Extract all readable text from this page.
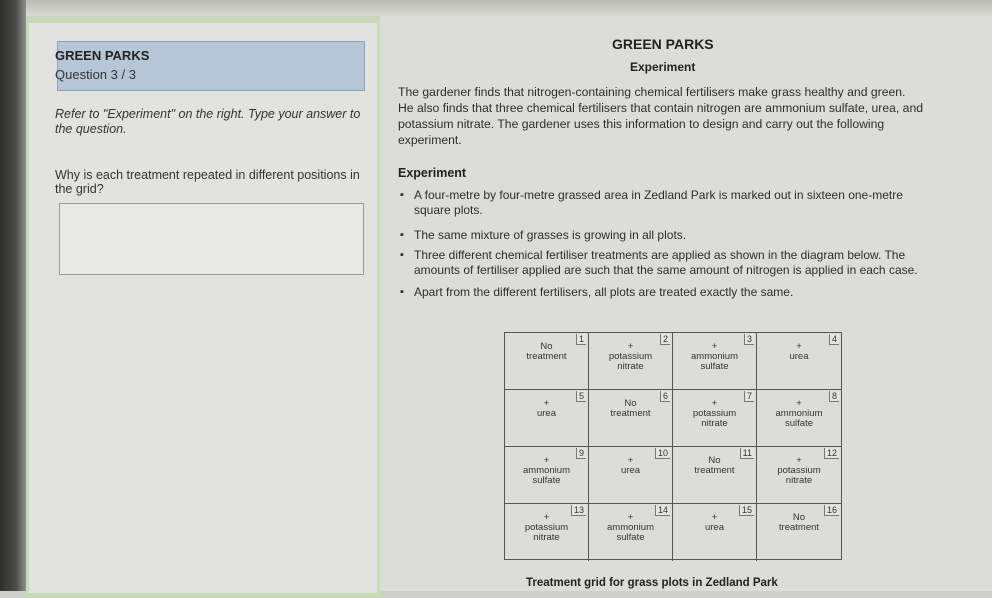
GREEN PARKS
Question 3 / 3
Refer to "Experiment" on the right. Type your answer to the question.
Why is each treatment repeated in different positions in the grid?
GREEN PARKS
Experiment
The gardener finds that nitrogen-containing chemical fertilisers make grass healthy and green. He also finds that three chemical fertilisers that contain nitrogen are ammonium sulfate, urea, and potassium nitrate. The gardener uses this information to design and carry out the following experiment.
Experiment
▪ A four-metre by four-metre grassed area in Zedland Park is marked out in sixteen one-metre square plots.
▪ The same mixture of grasses is growing in all plots.
▪ Three different chemical fertiliser treatments are applied as shown in the diagram below. The amounts of fertiliser applied are such that the same amount of nitrogen is applied in each case.
▪ Apart from the different fertilisers, all plots are treated exactly the same.
1
No
treatment
2
+
potassium
nitrate
3
+
ammonium
sulfate
4
+
urea
5
+
urea
6
No
treatment
7
+
potassium
nitrate
8
+
ammonium
sulfate
9
+
ammonium
sulfate
10
+
urea
11
No
treatment
12
+
potassium
nitrate
13
+
potassium
nitrate
14
+
ammonium
sulfate
15
+
urea
16
No
treatment
Treatment grid for grass plots in Zedland Park
